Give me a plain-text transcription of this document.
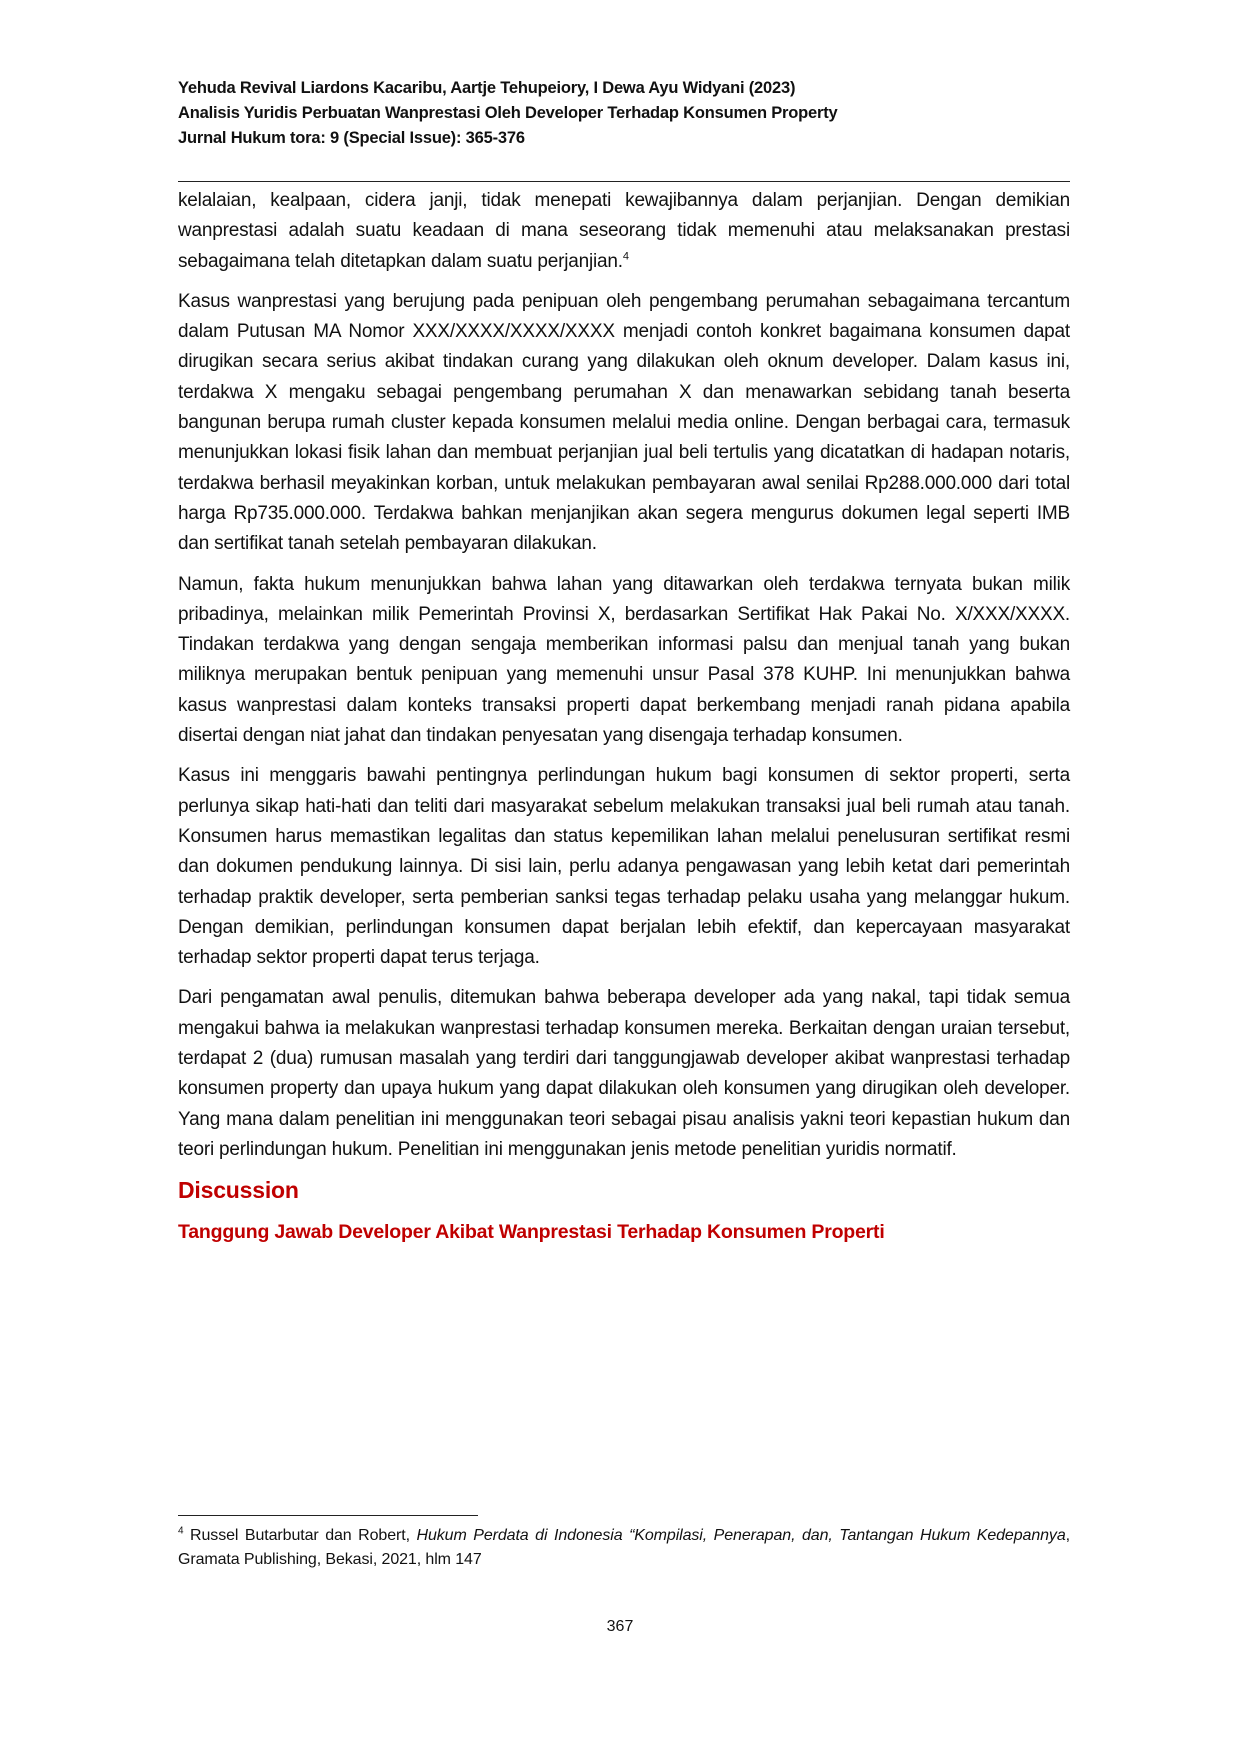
Yehuda Revival Liardons Kacaribu, Aartje Tehupeiory, I Dewa Ayu Widyani (2023)
Analisis Yuridis Perbuatan Wanprestasi Oleh Developer Terhadap Konsumen Property
Jurnal Hukum tora: 9 (Special Issue): 365-376

kelalaian, kealpaan, cidera janji, tidak menepati kewajibannya dalam perjanjian. Dengan demikian wanprestasi adalah suatu keadaan di mana seseorang tidak memenuhi atau melaksanakan prestasi sebagaimana telah ditetapkan dalam suatu perjanjian.$^4$

Kasus wanprestasi yang berujung pada penipuan oleh pengembang perumahan sebagaimana tercantum dalam Putusan MA Nomor XXX/XXXX/XXXX/XXXX menjadi contoh konkret bagaimana konsumen dapat dirugikan secara serius akibat tindakan curang yang dilakukan oleh oknum developer. Dalam kasus ini, terdakwa X mengaku sebagai pengembang perumahan X dan menawarkan sebidang tanah beserta bangunan berupa rumah cluster kepada konsumen melalui media online. Dengan berbagai cara, termasuk menunjukkan lokasi fisik lahan dan membuat perjanjian jual beli tertulis yang dicatatkan di hadapan notaris, terdakwa berhasil meyakinkan korban, untuk melakukan pembayaran awal senilai Rp288.000.000 dari total harga Rp735.000.000. Terdakwa bahkan menjanjikan akan segera mengurus dokumen legal seperti IMB dan sertifikat tanah setelah pembayaran dilakukan.

Namun, fakta hukum menunjukkan bahwa lahan yang ditawarkan oleh terdakwa ternyata bukan milik pribadinya, melainkan milik Pemerintah Provinsi X, berdasarkan Sertifikat Hak Pakai No. X/XXX/XXXX. Tindakan terdakwa yang dengan sengaja memberikan informasi palsu dan menjual tanah yang bukan miliknya merupakan bentuk penipuan yang memenuhi unsur Pasal 378 KUHP. Ini menunjukkan bahwa kasus wanprestasi dalam konteks transaksi properti dapat berkembang menjadi ranah pidana apabila disertai dengan niat jahat dan tindakan penyesatan yang disengaja terhadap konsumen.

Kasus ini menggaris bawahi pentingnya perlindungan hukum bagi konsumen di sektor properti, serta perlunya sikap hati-hati dan teliti dari masyarakat sebelum melakukan transaksi jual beli rumah atau tanah. Konsumen harus memastikan legalitas dan status kepemilikan lahan melalui penelusuran sertifikat resmi dan dokumen pendukung lainnya. Di sisi lain, perlu adanya pengawasan yang lebih ketat dari pemerintah terhadap praktik developer, serta pemberian sanksi tegas terhadap pelaku usaha yang melanggar hukum. Dengan demikian, perlindungan konsumen dapat berjalan lebih efektif, dan kepercayaan masyarakat terhadap sektor properti dapat terus terjaga.

Dari pengamatan awal penulis, ditemukan bahwa beberapa developer ada yang nakal, tapi tidak semua mengakui bahwa ia melakukan wanprestasi terhadap konsumen mereka. Berkaitan dengan uraian tersebut, terdapat 2 (dua) rumusan masalah yang terdiri dari tanggungjawab developer akibat wanprestasi terhadap konsumen property dan upaya hukum yang dapat dilakukan oleh konsumen yang dirugikan oleh developer. Yang mana dalam penelitian ini menggunakan teori sebagai pisau analisis yakni teori kepastian hukum dan teori perlindungan hukum. Penelitian ini menggunakan jenis metode penelitian yuridis normatif.

Discussion
Tanggung Jawab Developer Akibat Wanprestasi Terhadap Konsumen Properti
$^4$ Russel Butarbutar dan Robert, Hukum Perdata di Indonesia “Kompilasi, Penerapan, dan, Tantangan Hukum Kedepannya, Gramata Publishing, Bekasi, 2021, hlm 147
367
